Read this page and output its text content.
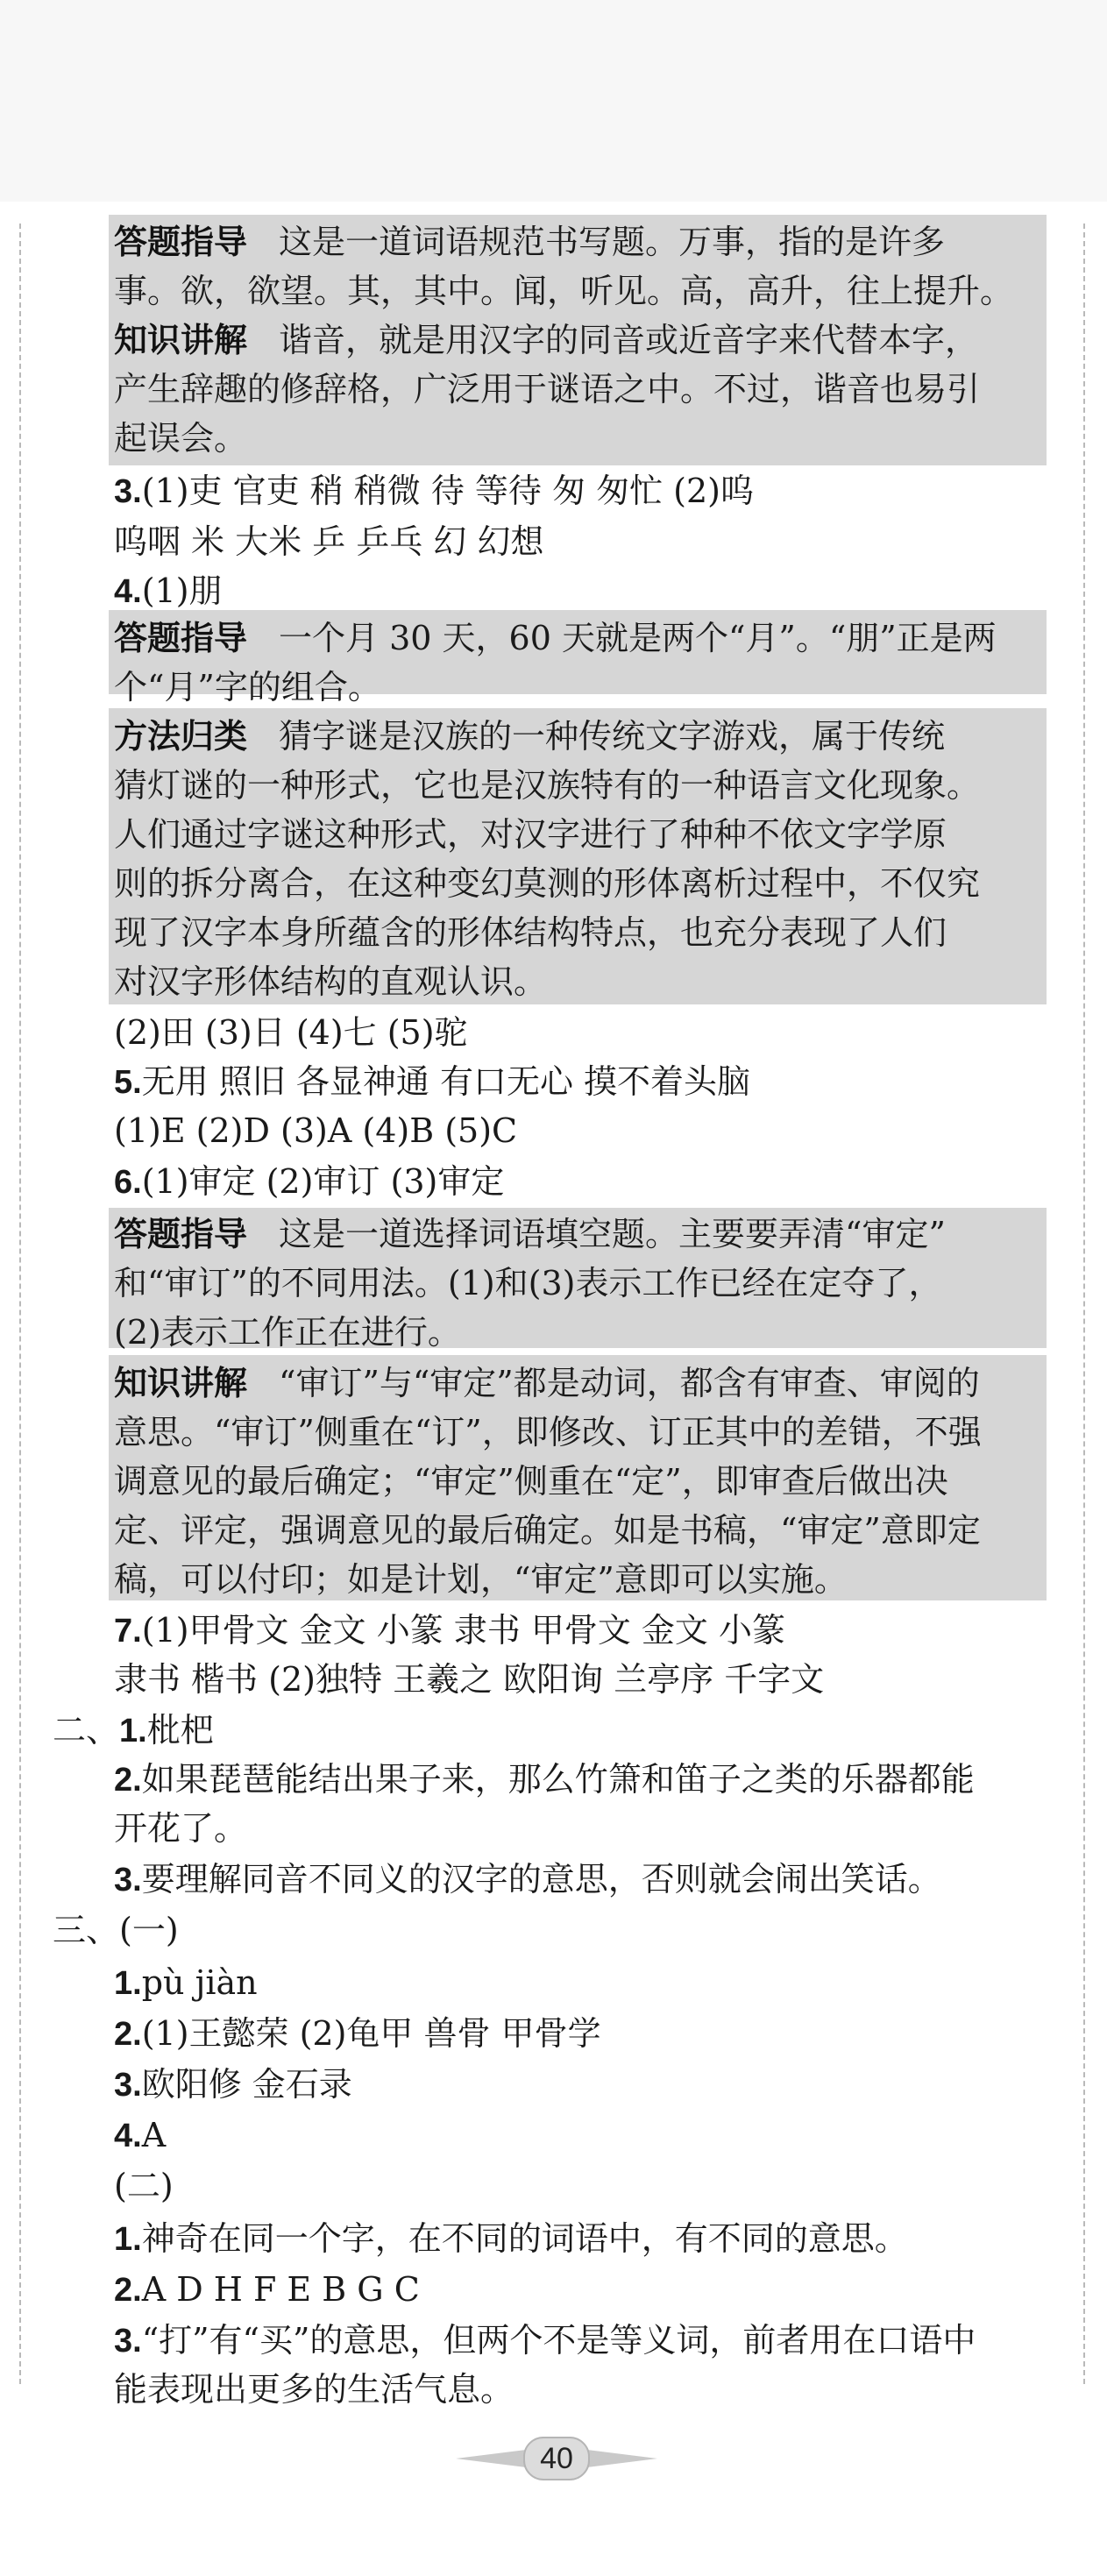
答题指导 这是一道词语规范书写题。万事，指的是许多
事。欲，欲望。其，其中。闻，听见。高，高升，往上提升。
知识讲解 谐音，就是用汉字的同音或近音字来代替本字，
产生辞趣的修辞格，广泛用于谜语之中。不过，谐音也易引
起误会。
3.(1)吏 官吏 稍 稍微 待 等待 匆 匆忙 (2)呜
呜咽 米 大米 乒 乒乓 幻 幻想
4.(1)朋
答题指导 一个月 30 天，60 天就是两个“月”。“朋”正是两
个“月”字的组合。
方法归类 猜字谜是汉族的一种传统文字游戏，属于传统
猜灯谜的一种形式，它也是汉族特有的一种语言文化现象。
人们通过字谜这种形式，对汉字进行了种种不依文字学原
则的拆分离合，在这种变幻莫测的形体离析过程中，不仅究
现了汉字本身所蕴含的形体结构特点，也充分表现了人们
对汉字形体结构的直观认识。
(2)田 (3)日 (4)七 (5)驼
5.无用 照旧 各显神通 有口无心 摸不着头脑
(1)E (2)D (3)A (4)B (5)C
6.(1)审定 (2)审订 (3)审定
答题指导 这是一道选择词语填空题。主要要弄清“审定”
和“审订”的不同用法。(1)和(3)表示工作已经在定夺了，
(2)表示工作正在进行。
知识讲解 “审订”与“审定”都是动词，都含有审查、审阅的
意思。“审订”侧重在“订”，即修改、订正其中的差错，不强
调意见的最后确定；“审定”侧重在“定”，即审查后做出决
定、评定，强调意见的最后确定。如是书稿，“审定”意即定
稿，可以付印；如是计划，“审定”意即可以实施。
7.(1)甲骨文 金文 小篆 隶书 甲骨文 金文 小篆
隶书 楷书 (2)独特 王羲之 欧阳询 兰亭序 千字文
二、1.枇杷
2.如果琵琶能结出果子来，那么竹箫和笛子之类的乐器都能
开花了。
3.要理解同音不同义的汉字的意思，否则就会闹出笑话。
三、(一)
1.pù jiàn
2.(1)王懿荣 (2)龟甲 兽骨 甲骨学
3.欧阳修 金石录
4.A
(二)
1.神奇在同一个字，在不同的词语中，有不同的意思。
2.A D H F E B G C
3.“打”有“买”的意思，但两个不是等义词，前者用在口语中
能表现出更多的生活气息。
40
